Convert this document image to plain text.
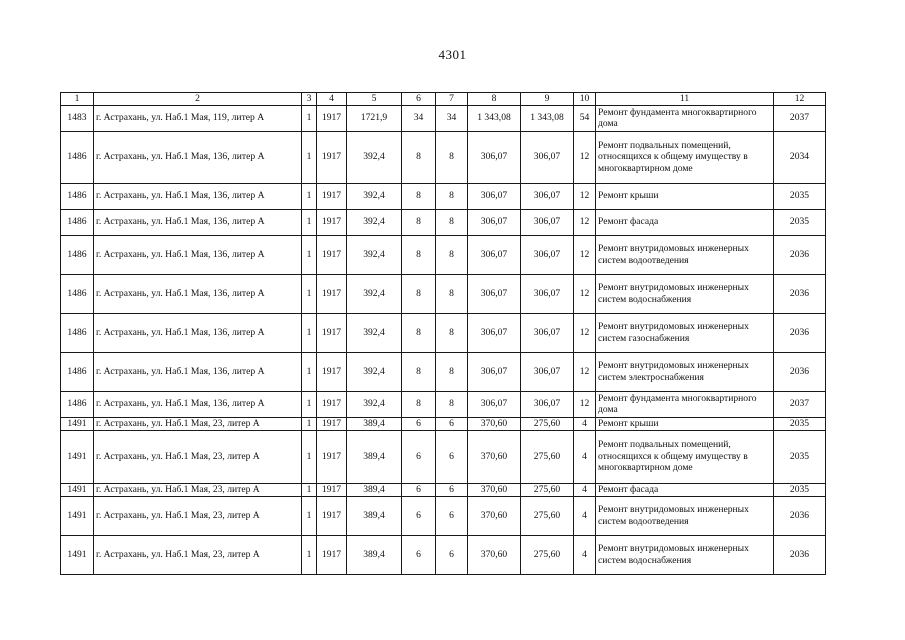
4301
1	2	3	4	5	6	7	8	9	10	11	12
1483	г. Астрахань, ул. Наб.1 Мая, 119, литер А	1	1917	1721,9	34	34	1 343,08	1 343,08	54	Ремонт фундамента многоквартирного дома	2037
1486	г. Астрахань, ул. Наб.1 Мая, 136, литер А	1	1917	392,4	8	8	306,07	306,07	12	Ремонт подвальных помещений, относящихся к общему имуществу в многоквартирном доме	2034
1486	г. Астрахань, ул. Наб.1 Мая, 136, литер А	1	1917	392,4	8	8	306,07	306,07	12	Ремонт крыши	2035
1486	г. Астрахань, ул. Наб.1 Мая, 136, литер А	1	1917	392,4	8	8	306,07	306,07	12	Ремонт фасада	2035
1486	г. Астрахань, ул. Наб.1 Мая, 136, литер А	1	1917	392,4	8	8	306,07	306,07	12	Ремонт внутридомовых инженерных систем водоотведения	2036
1486	г. Астрахань, ул. Наб.1 Мая, 136, литер А	1	1917	392,4	8	8	306,07	306,07	12	Ремонт внутридомовых инженерных систем водоснабжения	2036
1486	г. Астрахань, ул. Наб.1 Мая, 136, литер А	1	1917	392,4	8	8	306,07	306,07	12	Ремонт внутридомовых инженерных систем газоснабжения	2036
1486	г. Астрахань, ул. Наб.1 Мая, 136, литер А	1	1917	392,4	8	8	306,07	306,07	12	Ремонт внутридомовых инженерных систем электроснабжения	2036
1486	г. Астрахань, ул. Наб.1 Мая, 136, литер А	1	1917	392,4	8	8	306,07	306,07	12	Ремонт фундамента многоквартирного дома	2037
1491	г. Астрахань, ул. Наб.1 Мая, 23, литер А	1	1917	389,4	6	6	370,60	275,60	4	Ремонт крыши	2035
1491	г. Астрахань, ул. Наб.1 Мая, 23, литер А	1	1917	389,4	6	6	370,60	275,60	4	Ремонт подвальных помещений, относящихся к общему имуществу в многоквартирном доме	2035
1491	г. Астрахань, ул. Наб.1 Мая, 23, литер А	1	1917	389,4	6	6	370,60	275,60	4	Ремонт фасада	2035
1491	г. Астрахань, ул. Наб.1 Мая, 23, литер А	1	1917	389,4	6	6	370,60	275,60	4	Ремонт внутридомовых инженерных систем водоотведения	2036
1491	г. Астрахань, ул. Наб.1 Мая, 23, литер А	1	1917	389,4	6	6	370,60	275,60	4	Ремонт внутридомовых инженерных систем водоснабжения	2036
